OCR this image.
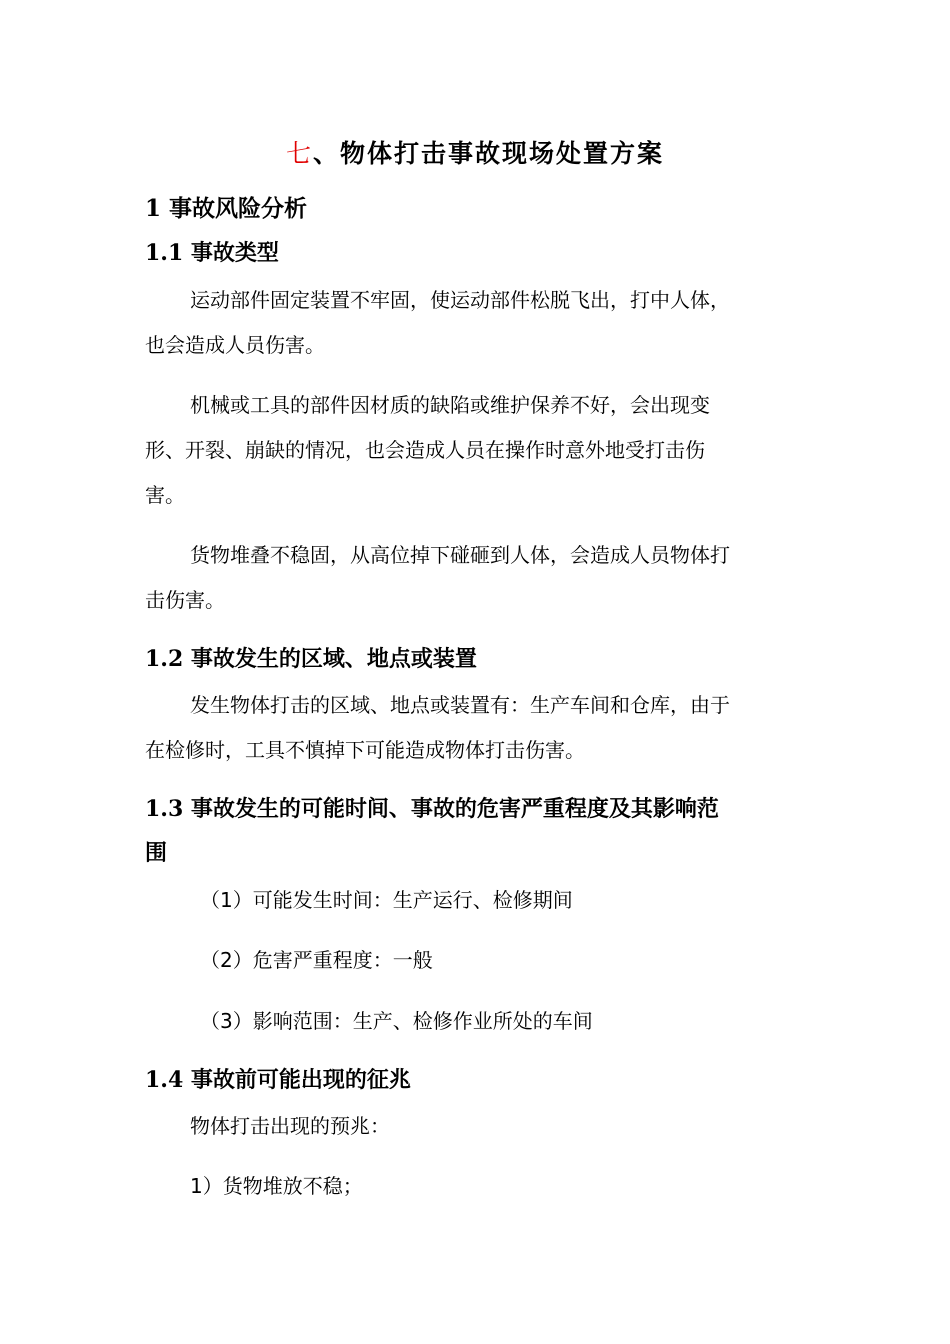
七、物体打击事故现场处置方案
1 事故风险分析
1.1 事故类型
运动部件固定装置不牢固，使运动部件松脱飞出，打中人体，
也会造成人员伤害。
机械或工具的部件因材质的缺陷或维护保养不好，会出现变
形、开裂、崩缺的情况，也会造成人员在操作时意外地受打击伤
害。
货物堆叠不稳固，从高位掉下碰砸到人体，会造成人员物体打
击伤害。
1.2 事故发生的区域、地点或装置
发生物体打击的区域、地点或装置有：生产车间和仓库，由于
在检修时，工具不慎掉下可能造成物体打击伤害。
1.3 事故发生的可能时间、事故的危害严重程度及其影响范
围
（1）可能发生时间：生产运行、检修期间
（2）危害严重程度：一般
（3）影响范围：生产、检修作业所处的车间
1.4 事故前可能出现的征兆
物体打击出现的预兆：
1）货物堆放不稳；
